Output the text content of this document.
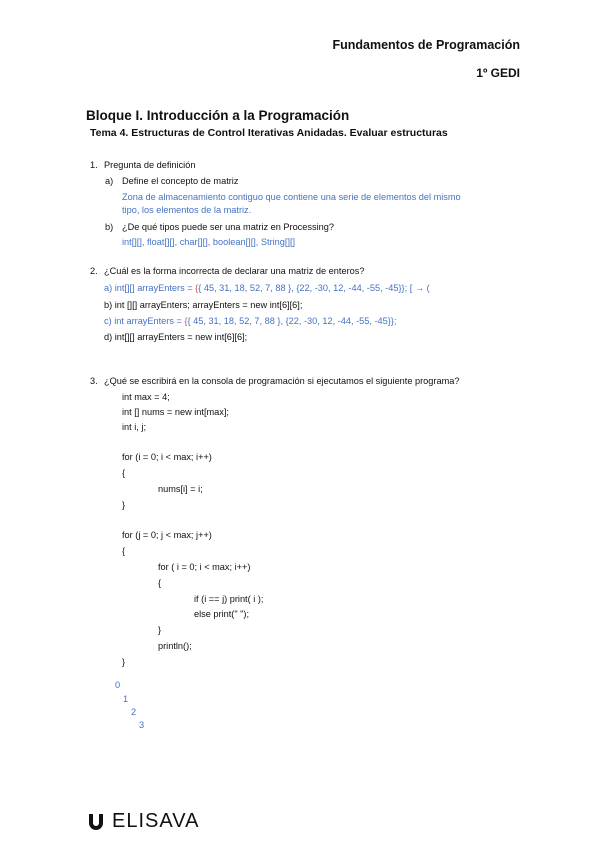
Fundamentos de Programación
1º GEDI
Bloque I. Introducción a la Programación
Tema 4. Estructuras de Control Iterativas Anidadas. Evaluar estructuras
1. Pregunta de definición
a) Define el concepto de matriz
Zona de almacenamiento contiguo que contiene una serie de elementos del mismo
tipo, los elementos de la matriz.
b) ¿De qué tipos puede ser una matriz en Processing?
int[][], float[][], char[][], boolean[][], String[][]
2. ¿Cuál es la forma incorrecta de declarar una matriz de enteros?
a) int[][] arrayEnters = {{ 45, 31, 18, 52, 7, 88 }, {22, -30, 12, -44, -55, -45}}; [ → (
b) int [][] arrayEnters; arrayEnters = new int[6][6];
c) int arrayEnters = {{ 45, 31, 18, 52, 7, 88 }, {22, -30, 12, -44, -55, -45}};
d) int[][] arrayEnters = new int[6][6];
3. ¿Qué se escribirá en la consola de programación si ejecutamos el siguiente programa?
int max = 4;
int [] nums = new int[max];
int i, j;
for (i = 0; i < max; i++)
{
nums[i] = i;
}
for (j = 0; j < max; j++)
{
for ( i = 0; i < max; i++)
{
if (i == j) print( i );
else print(" ");
}
println();
}
0
1
2
3
ELISAVA
